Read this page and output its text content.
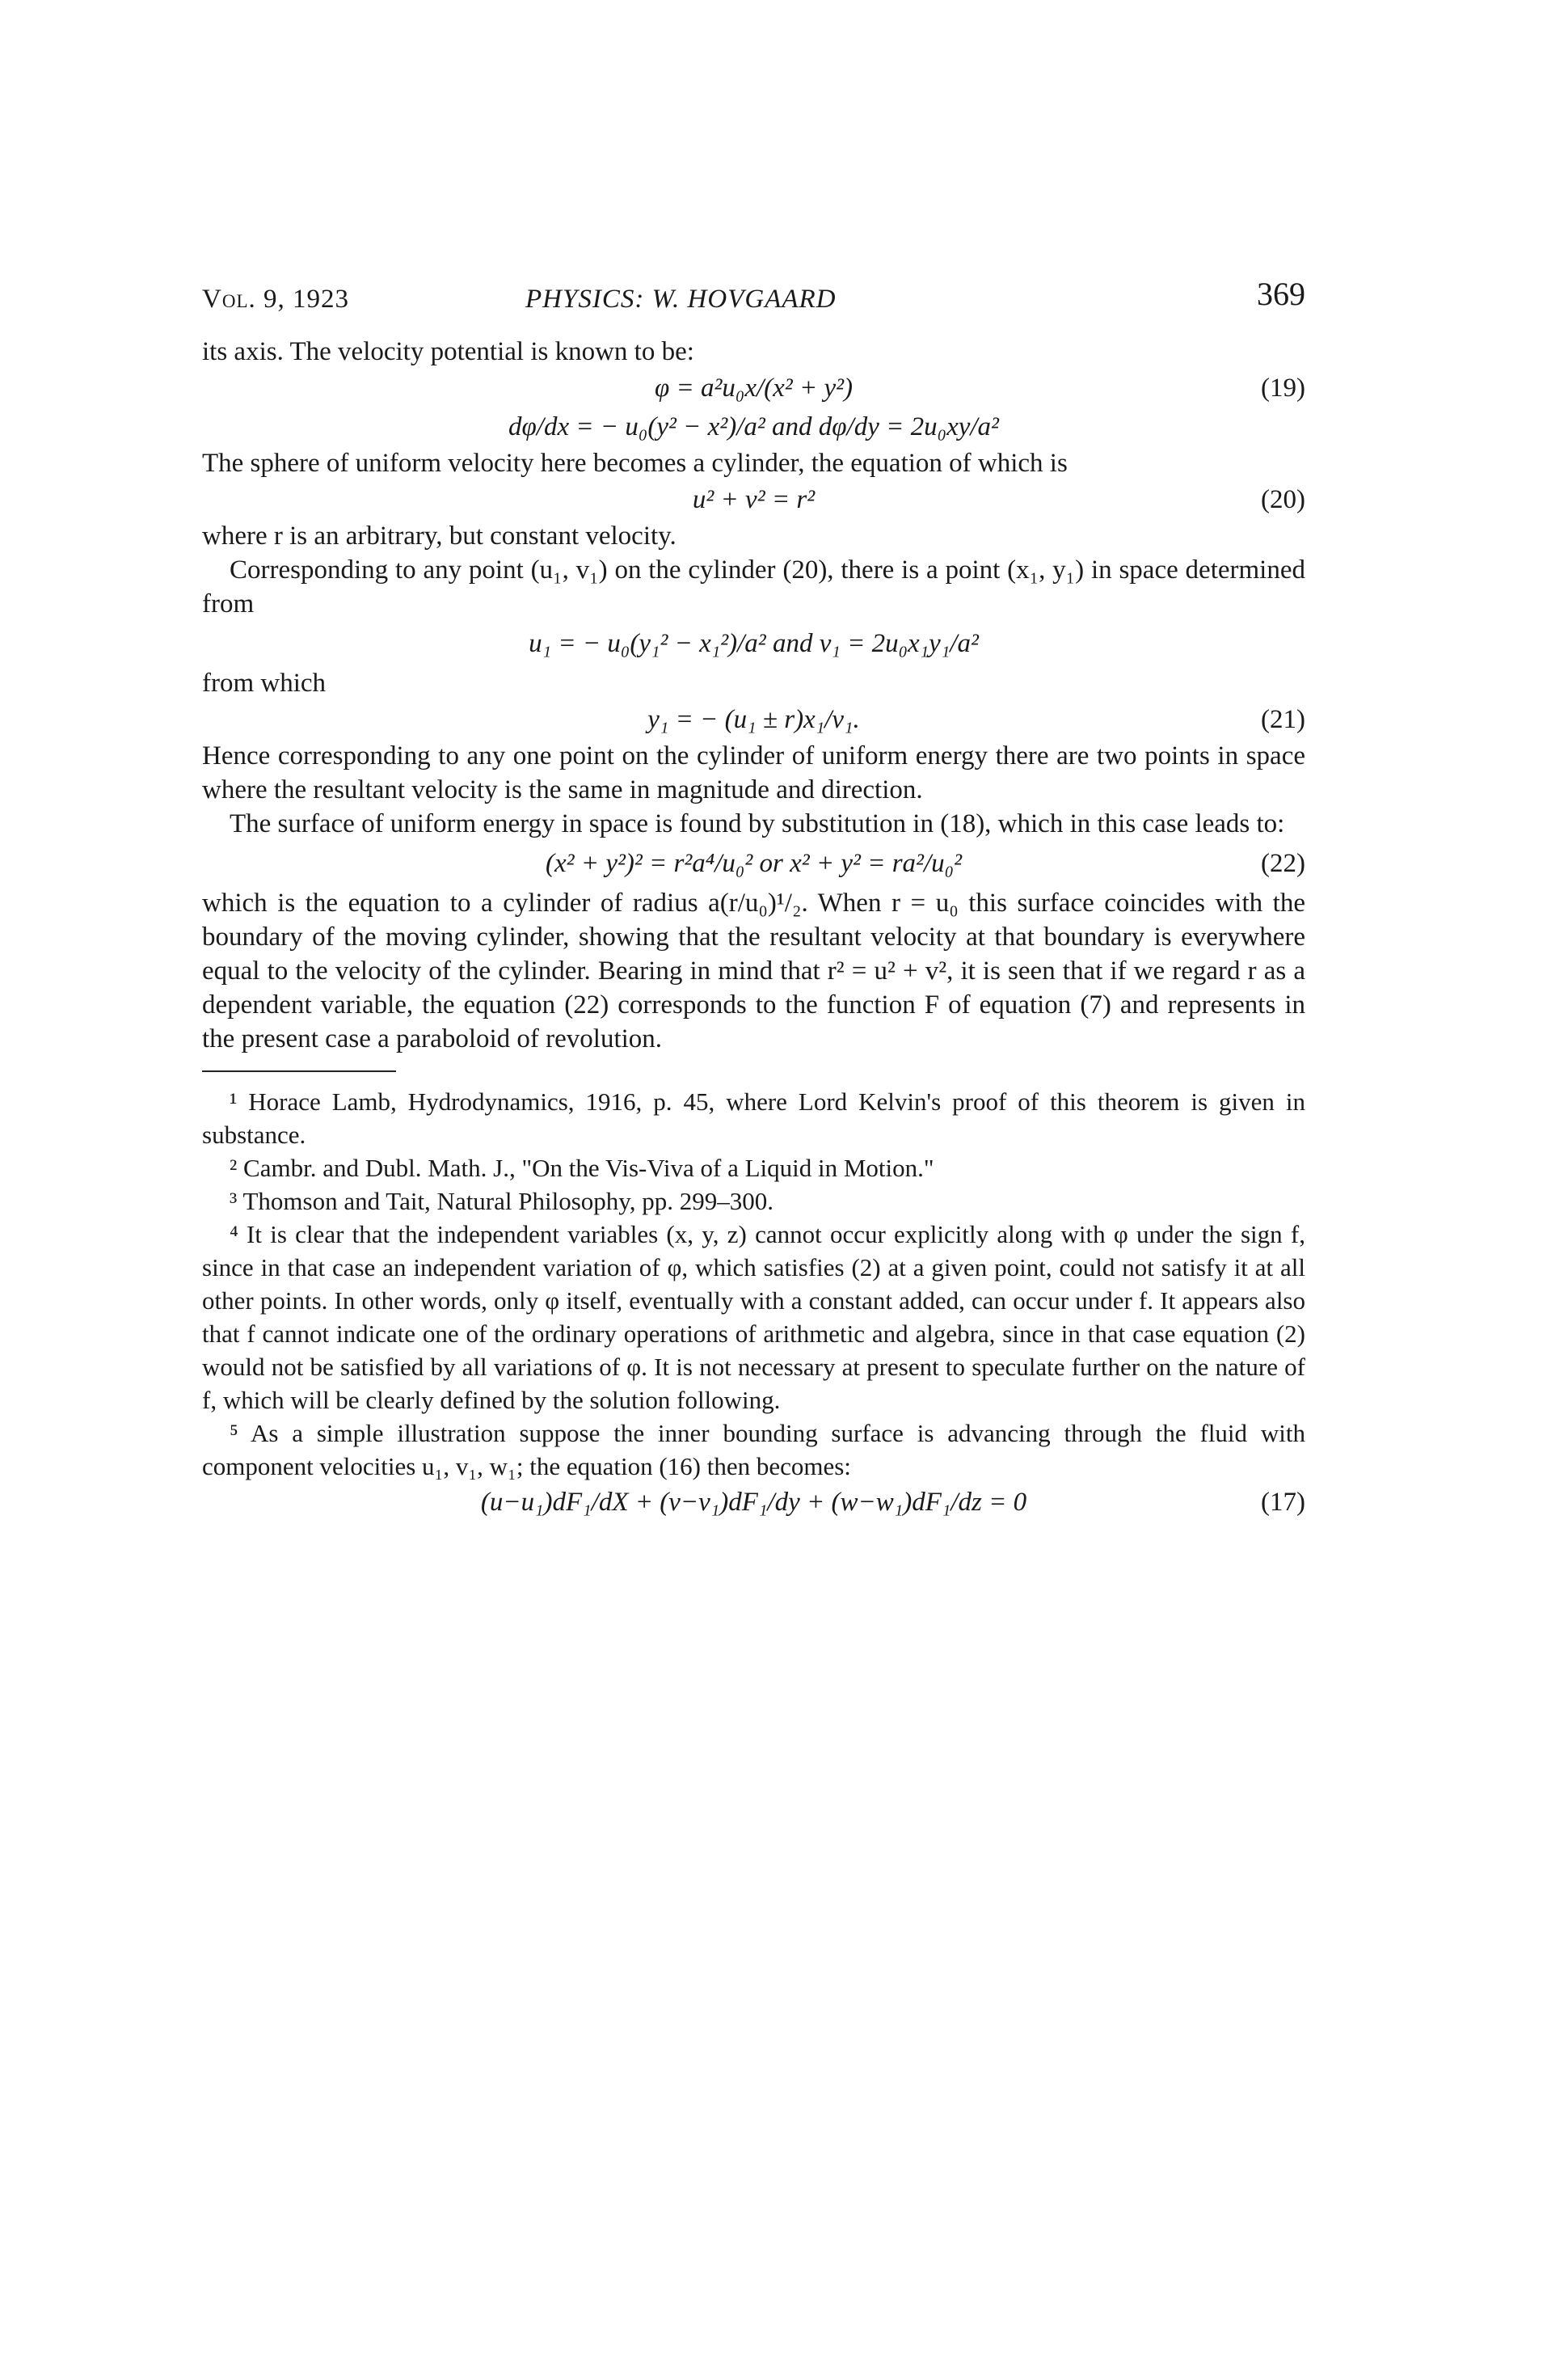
Vol. 9, 1923	PHYSICS: W. HOVGAARD	369

its axis. The velocity potential is known to be:

φ = a²u₀x/(x² + y²)	(19)
dφ/dx = − u₀(y² − x²)/a² and dφ/dy = 2u₀xy/a²

The sphere of uniform velocity here becomes a cylinder, the equation of which is

u² + v² = r²	(20)

where r is an arbitrary, but constant velocity.

Corresponding to any point (u₁, v₁) on the cylinder (20), there is a point (x₁, y₁) in space determined from

u₁ = − u₀(y₁² − x₁²)/a² and v₁ = 2u₀x₁y₁/a²

from which

y₁ = − (u₁ ± r)x₁/v₁.	(21)

Hence corresponding to any one point on the cylinder of uniform energy there are two points in space where the resultant velocity is the same in magnitude and direction.

The surface of uniform energy in space is found by substitution in (18), which in this case leads to:

(x² + y²)² = r²a⁴/u₀² or x² + y² = ra²/u₀²	(22)

which is the equation to a cylinder of radius a(r/u₀)¹/₂. When r = u₀ this surface coincides with the boundary of the moving cylinder, showing that the resultant velocity at that boundary is everywhere equal to the velocity of the cylinder. Bearing in mind that r² = u² + v², it is seen that if we regard r as a dependent variable, the equation (22) corresponds to the function F of equation (7) and represents in the present case a paraboloid of revolution.

¹ Horace Lamb, Hydrodynamics, 1916, p. 45, where Lord Kelvin's proof of this theorem is given in substance.

² Cambr. and Dubl. Math. J., "On the Vis-Viva of a Liquid in Motion."

³ Thomson and Tait, Natural Philosophy, pp. 299–300.

⁴ It is clear that the independent variables (x, y, z) cannot occur explicitly along with φ under the sign f, since in that case an independent variation of φ, which satisfies (2) at a given point, could not satisfy it at all other points. In other words, only φ itself, eventually with a constant added, can occur under f. It appears also that f cannot indicate one of the ordinary operations of arithmetic and algebra, since in that case equation (2) would not be satisfied by all variations of φ. It is not necessary at present to speculate further on the nature of f, which will be clearly defined by the solution following.

⁵ As a simple illustration suppose the inner bounding surface is advancing through the fluid with component velocities u₁, v₁, w₁; the equation (16) then becomes:

(u−u₁)dF₁/dX + (v−v₁)dF₁/dy + (w−w₁)dF₁/dz = 0	(17)
